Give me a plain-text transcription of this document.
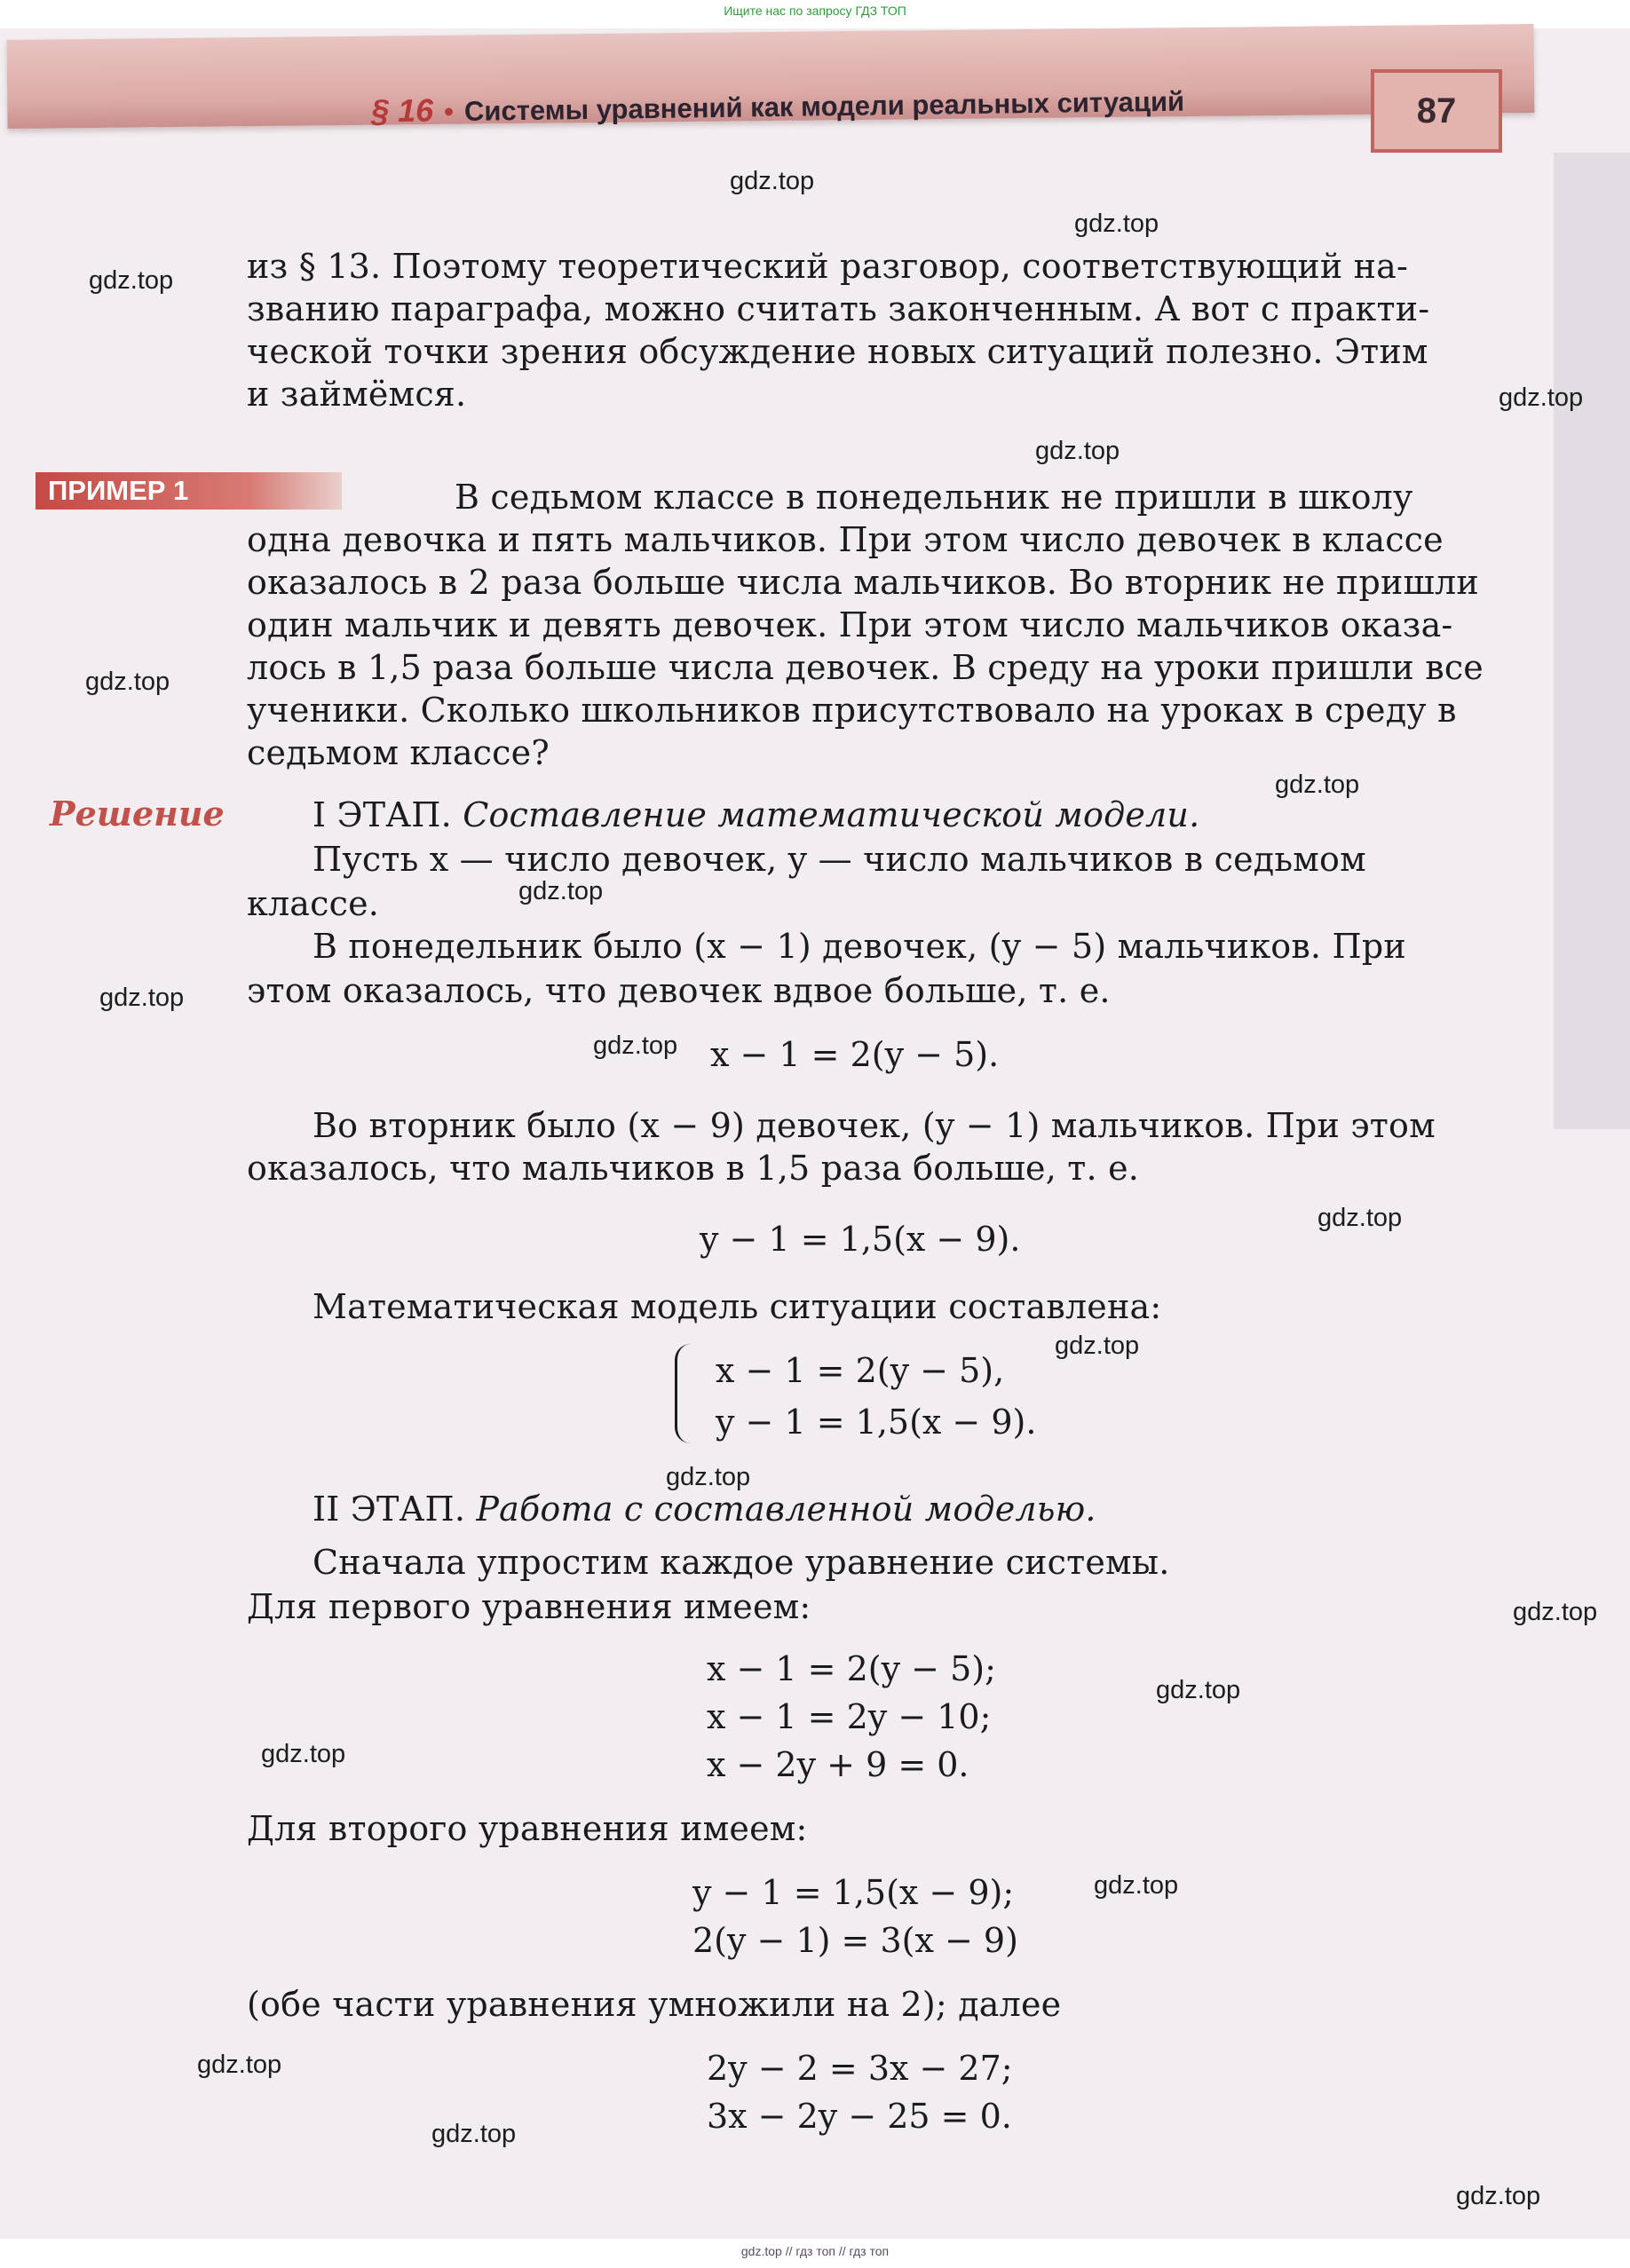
Ищите нас по запросу ГДЗ ТОП
§ 16 • Системы уравнений как модели реальных ситуаций	87
из § 13. Поэтому теоретический разговор, соответствующий на-
званию параграфа, можно считать законченным. А вот с практи-
ческой точки зрения обсуждение новых ситуаций полезно. Этим
и займёмся.
ПРИМЕР 1	В седьмом классе в понедельник не пришли в школу
одна девочка и пять мальчиков. При этом число девочек в классе
оказалось в 2 раза больше числа мальчиков. Во вторник не пришли
один мальчик и девять девочек. При этом число мальчиков оказа-
лось в 1,5 раза больше числа девочек. В среду на уроки пришли все
ученики. Сколько школьников присутствовало на уроках в среду в
седьмом классе?
Решение	I ЭТАП. Составление математической модели.
Пусть x — число девочек, y — число мальчиков в седьмом
классе.
В понедельник было (x − 1) девочек, (y − 5) мальчиков. При
этом оказалось, что девочек вдвое больше, т. е.
x − 1 = 2(y − 5).
Во вторник было (x − 9) девочек, (y − 1) мальчиков. При этом
оказалось, что мальчиков в 1,5 раза больше, т. е.
y − 1 = 1,5(x − 9).
Математическая модель ситуации составлена:
x − 1 = 2(y − 5),
y − 1 = 1,5(x − 9).
II ЭТАП. Работа с составленной моделью.
Сначала упростим каждое уравнение системы.
Для первого уравнения имеем:
x − 1 = 2(y − 5);
x − 1 = 2y − 10;
x − 2y + 9 = 0.
Для второго уравнения имеем:
y − 1 = 1,5(x − 9);
2(y − 1) = 3(x − 9)
(обе части уравнения умножили на 2); далее
2y − 2 = 3x − 27;
3x − 2y − 25 = 0.
gdz.top
gdz.top
gdz.top
gdz.top
gdz.top
gdz.top
gdz.top
gdz.top
gdz.top
gdz.top
gdz.top
gdz.top
gdz.top
gdz.top
gdz.top
gdz.top
gdz.top
gdz.top
gdz.top
gdz.top
gdz.top // гдз топ // гдз топ
